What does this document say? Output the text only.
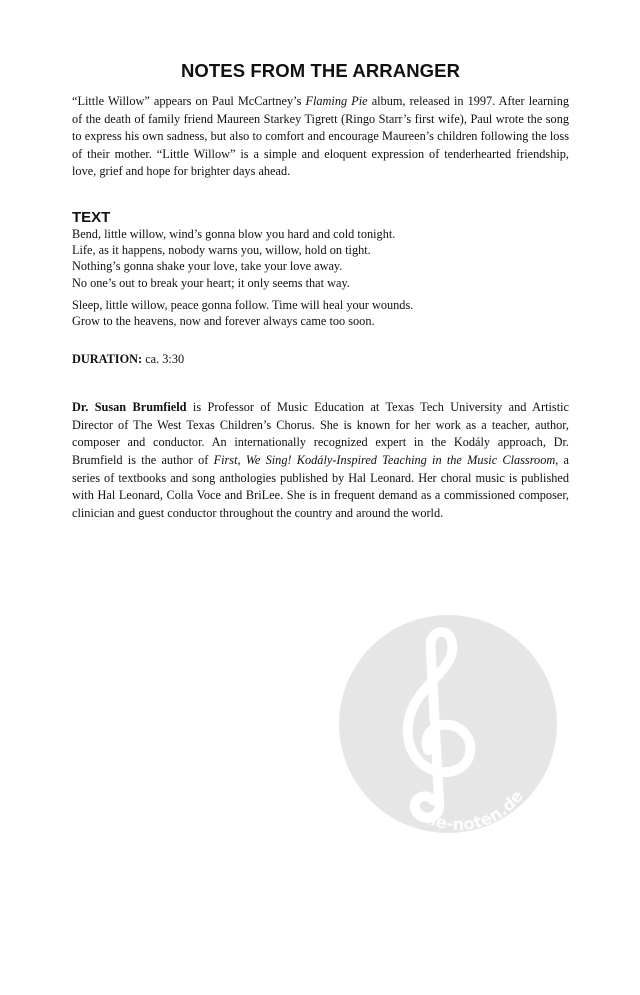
NOTES FROM THE ARRANGER

“Little Willow” appears on Paul McCartney’s Flaming Pie album, released in 1997. After learning of the death of family friend Maureen Starkey Tigrett (Ringo Starr’s first wife), Paul wrote the song to express his own sadness, but also to comfort and encourage Maureen’s children following the loss of their mother. “Little Willow” is a simple and eloquent expression of tenderhearted friendship, love, grief and hope for brighter days ahead.

TEXT
Bend, little willow, wind’s gonna blow you hard and cold tonight.
Life, as it happens, nobody warns you, willow, hold on tight.
Nothing’s gonna shake your love, take your love away.
No one’s out to break your heart; it only seems that way.
Sleep, little willow, peace gonna follow. Time will heal your wounds.
Grow to the heavens, now and forever always came too soon.

DURATION: ca. 3:30

Dr. Susan Brumfield is Professor of Music Education at Texas Tech University and Artistic Director of The West Texas Children’s Chorus. She is known for her work as a teacher, author, composer and conductor. An internationally recognized expert in the Kodály approach, Dr. Brumfield is the author of First, We Sing! Kodály-Inspired Teaching in the Music Classroom, a series of textbooks and song anthologies published by Hal Leonard. Her choral music is published with Hal Leonard, Colla Voce and BriLee. She is in frequent demand as a commissioned composer, clinician and guest conductor throughout the country and around the world.

alle-noten.de
